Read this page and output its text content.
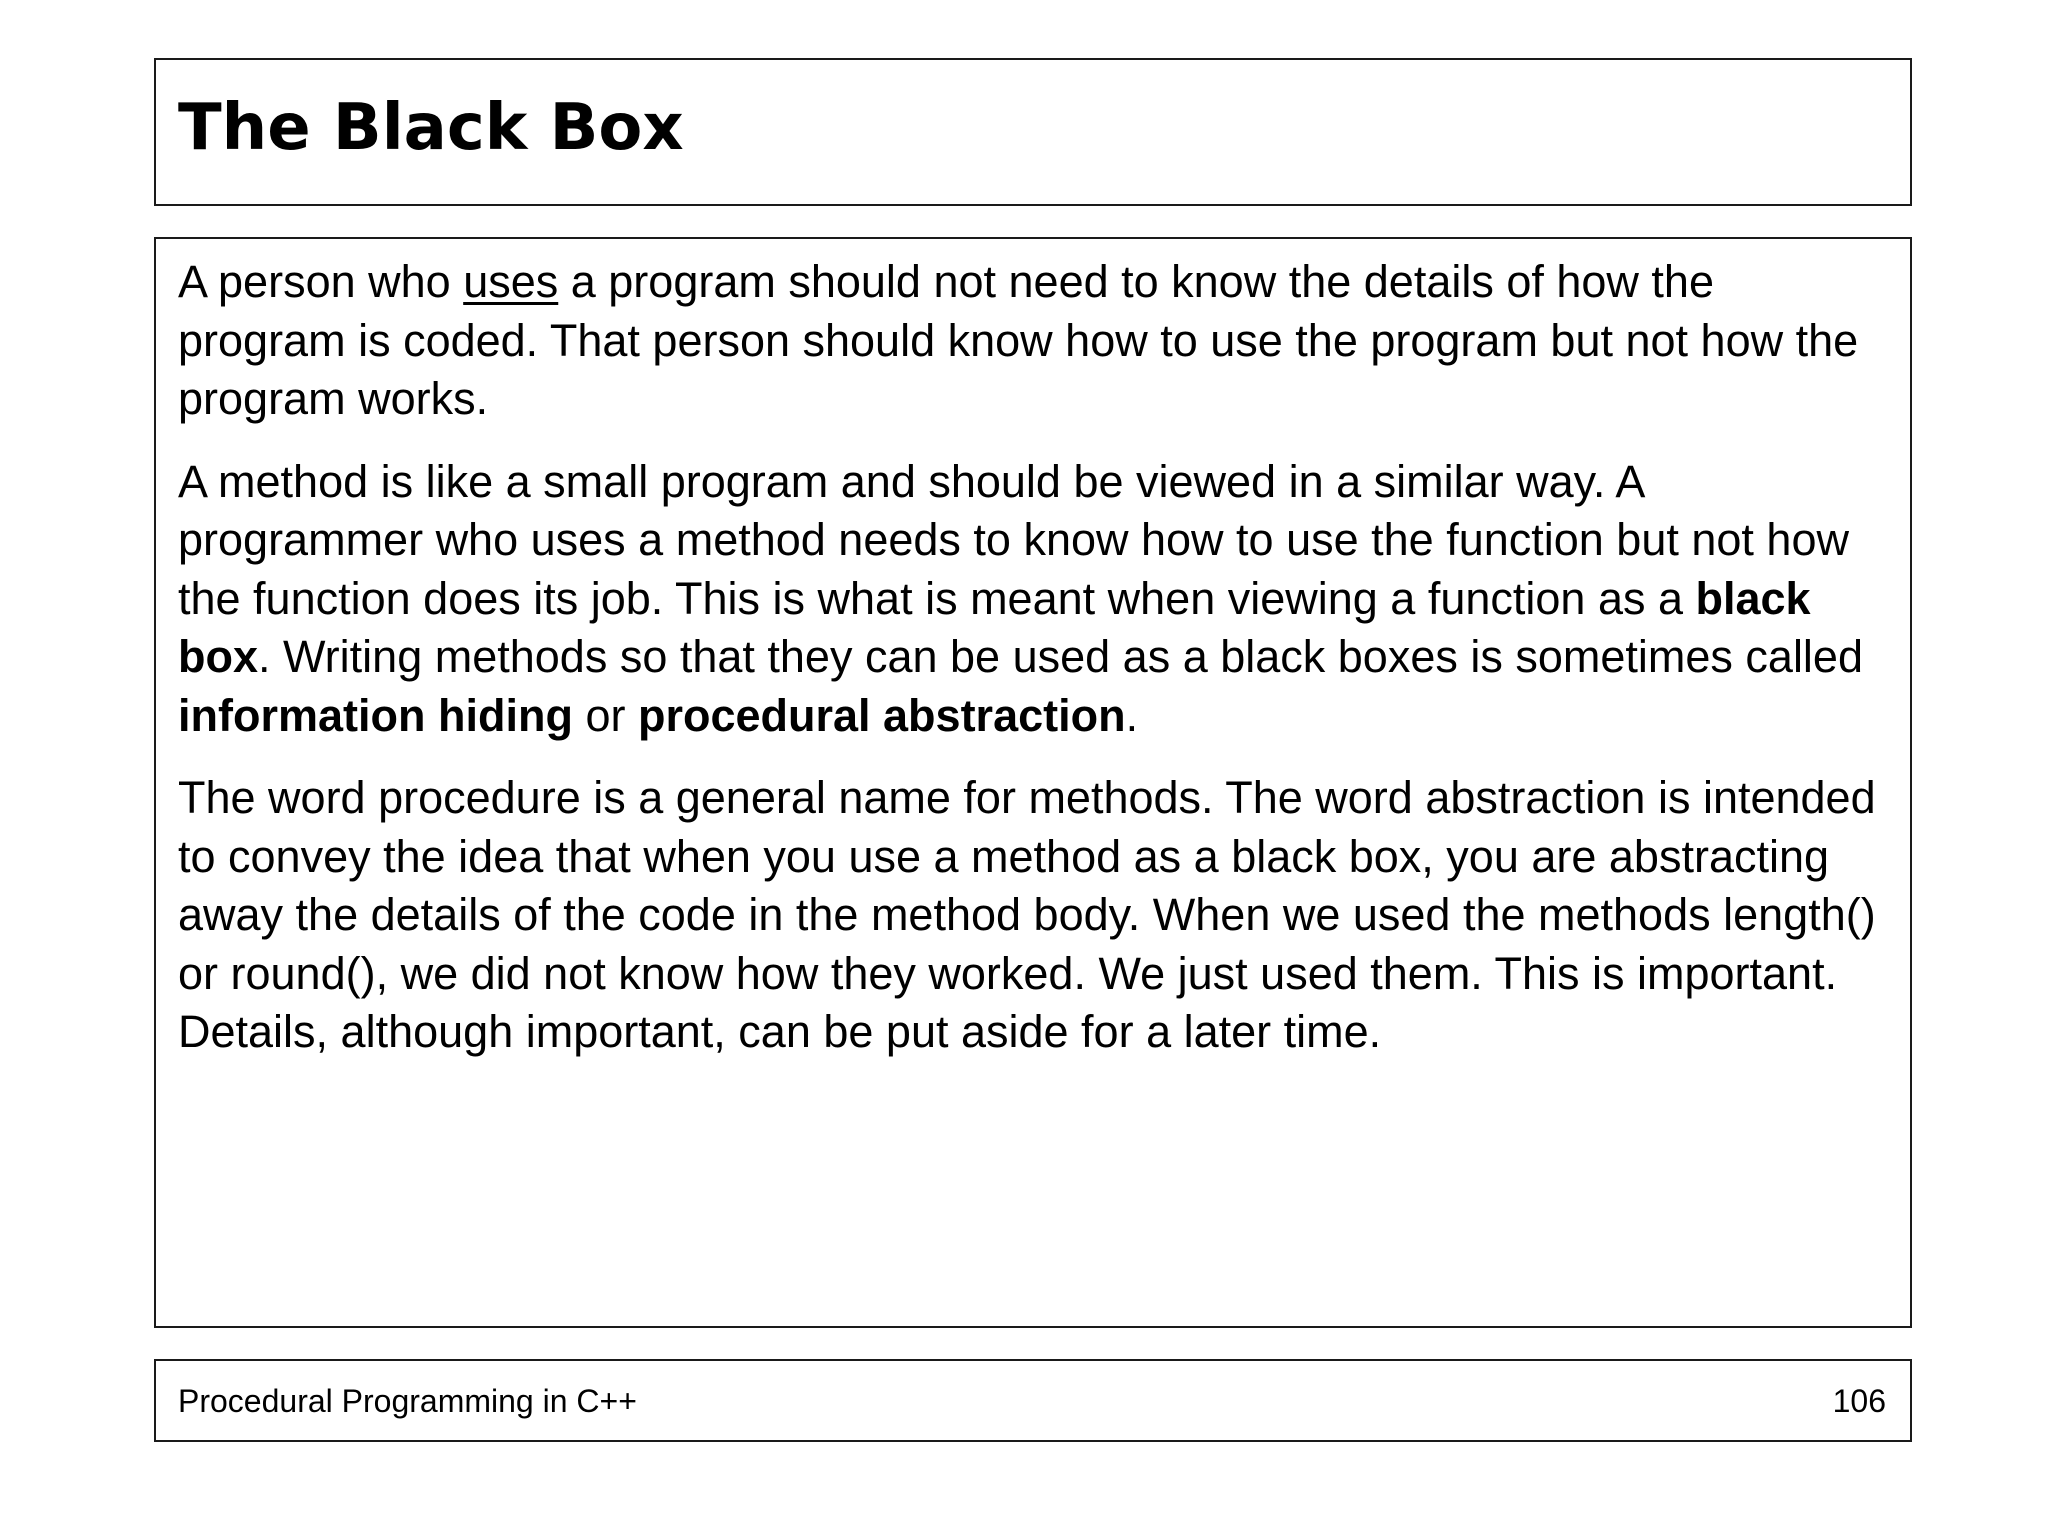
The Black Box

A person who uses a program should not need to know the details of how the program is coded. That person should know how to use the program but not how the program works.

A method is like a small program and should be viewed in a similar way. A programmer who uses a method needs to know how to use the function but not how the function does its job. This is what is meant when viewing a function as a black box. Writing methods so that they can be used as a black boxes is sometimes called information hiding or procedural abstraction.

The word procedure is a general name for methods. The word abstraction is intended to convey the idea that when you use a method as a black box, you are abstracting away the details of the code in the method body. When we used the methods length() or round(), we did not know how they worked. We just used them. This is important. Details, although important, can be put aside for a later time.

Procedural Programming in C++	106
